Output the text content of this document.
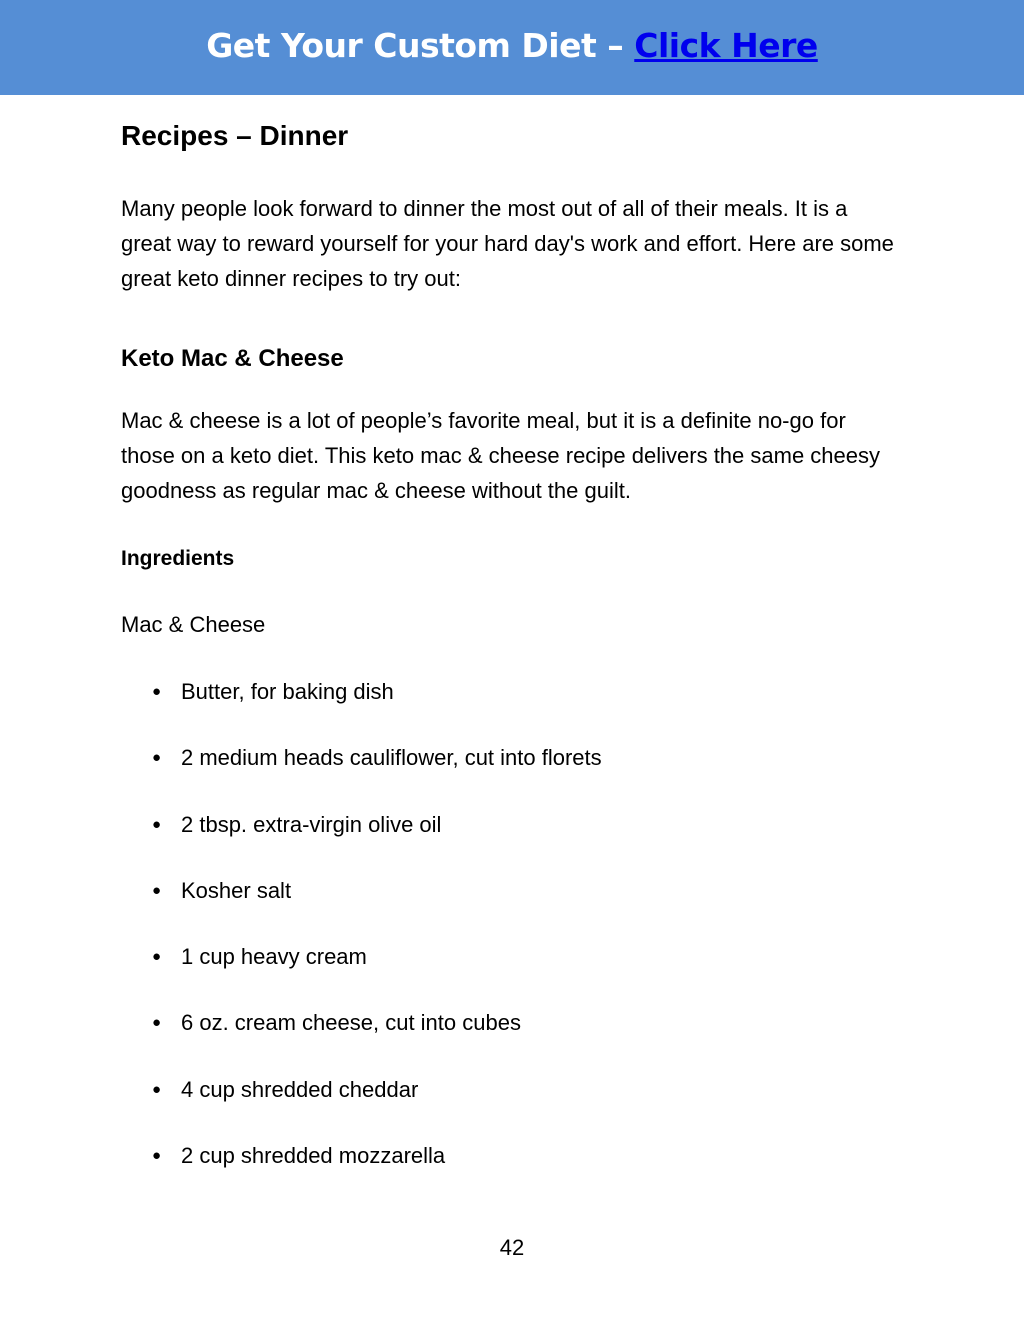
Get Your Custom Diet – Click Here
Recipes – Dinner
Many people look forward to dinner the most out of all of their meals. It is a great way to reward yourself for your hard day's work and effort. Here are some great keto dinner recipes to try out:
Keto Mac & Cheese
Mac & cheese is a lot of people’s favorite meal, but it is a definite no-go for those on a keto diet. This keto mac & cheese recipe delivers the same cheesy goodness as regular mac & cheese without the guilt.
Ingredients
Mac & Cheese
● Butter, for baking dish
● 2 medium heads cauliflower, cut into florets
● 2 tbsp. extra-virgin olive oil
● Kosher salt
● 1 cup heavy cream
● 6 oz. cream cheese, cut into cubes
● 4 cup shredded cheddar
● 2 cup shredded mozzarella
42
